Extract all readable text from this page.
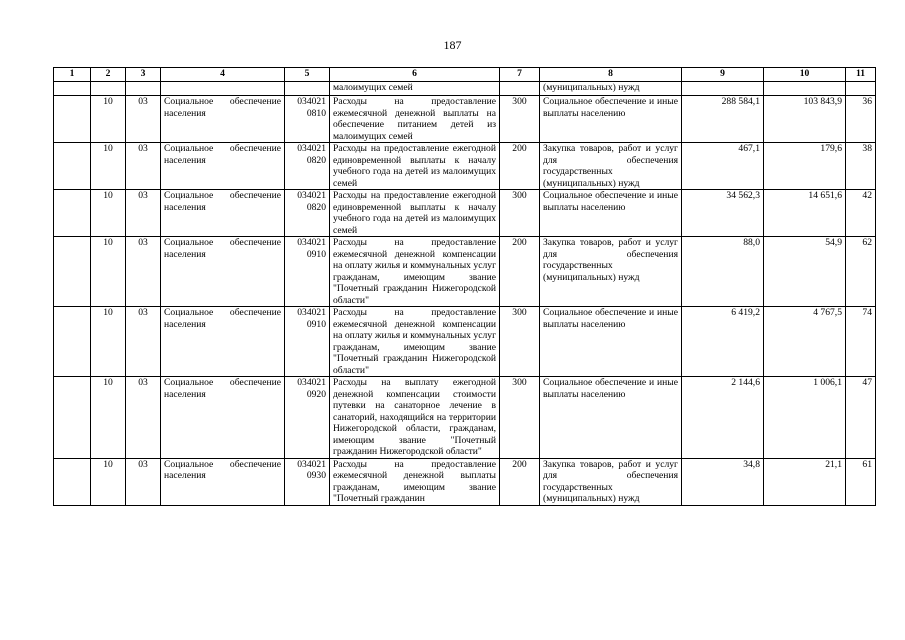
187
1	2	3	4	5	6	7	8	9	10	11
					малоимущих семей		(муниципальных) нужд			
	10	03	Социальное обеспечение населения	034021 0810	Расходы на предоставление ежемесячной денежной выплаты на обеспечение питанием детей из малоимущих семей	300	Социальное обеспечение и иные выплаты населению	288 584,1	103 843,9	36
	10	03	Социальное обеспечение населения	034021 0820	Расходы на предоставление ежегодной единовременной выплаты к началу учебного года на детей из малоимущих семей	200	Закупка товаров, работ и услуг для обеспечения государственных (муниципальных) нужд	467,1	179,6	38
	10	03	Социальное обеспечение населения	034021 0820	Расходы на предоставление ежегодной единовременной выплаты к началу учебного года на детей из малоимущих семей	300	Социальное обеспечение и иные выплаты населению	34 562,3	14 651,6	42
	10	03	Социальное обеспечение населения	034021 0910	Расходы на предоставление ежемесячной денежной компенсации на оплату жилья и коммунальных услуг гражданам, имеющим звание "Почетный гражданин Нижегородской области"	200	Закупка товаров, работ и услуг для обеспечения государственных (муниципальных) нужд	88,0	54,9	62
	10	03	Социальное обеспечение населения	034021 0910	Расходы на предоставление ежемесячной денежной компенсации на оплату жилья и коммунальных услуг гражданам, имеющим звание "Почетный гражданин Нижегородской области"	300	Социальное обеспечение и иные выплаты населению	6 419,2	4 767,5	74
	10	03	Социальное обеспечение населения	034021 0920	Расходы на выплату ежегодной денежной компенсации стоимости путевки на санаторное лечение в санаторий, находящийся на территории Нижегородской области, гражданам, имеющим звание "Почетный гражданин Нижегородской области"	300	Социальное обеспечение и иные выплаты населению	2 144,6	1 006,1	47
	10	03	Социальное обеспечение населения	034021 0930	Расходы на предоставление ежемесячной денежной выплаты гражданам, имеющим звание "Почетный гражданин	200	Закупка товаров, работ и услуг для обеспечения государственных (муниципальных) нужд	34,8	21,1	61
